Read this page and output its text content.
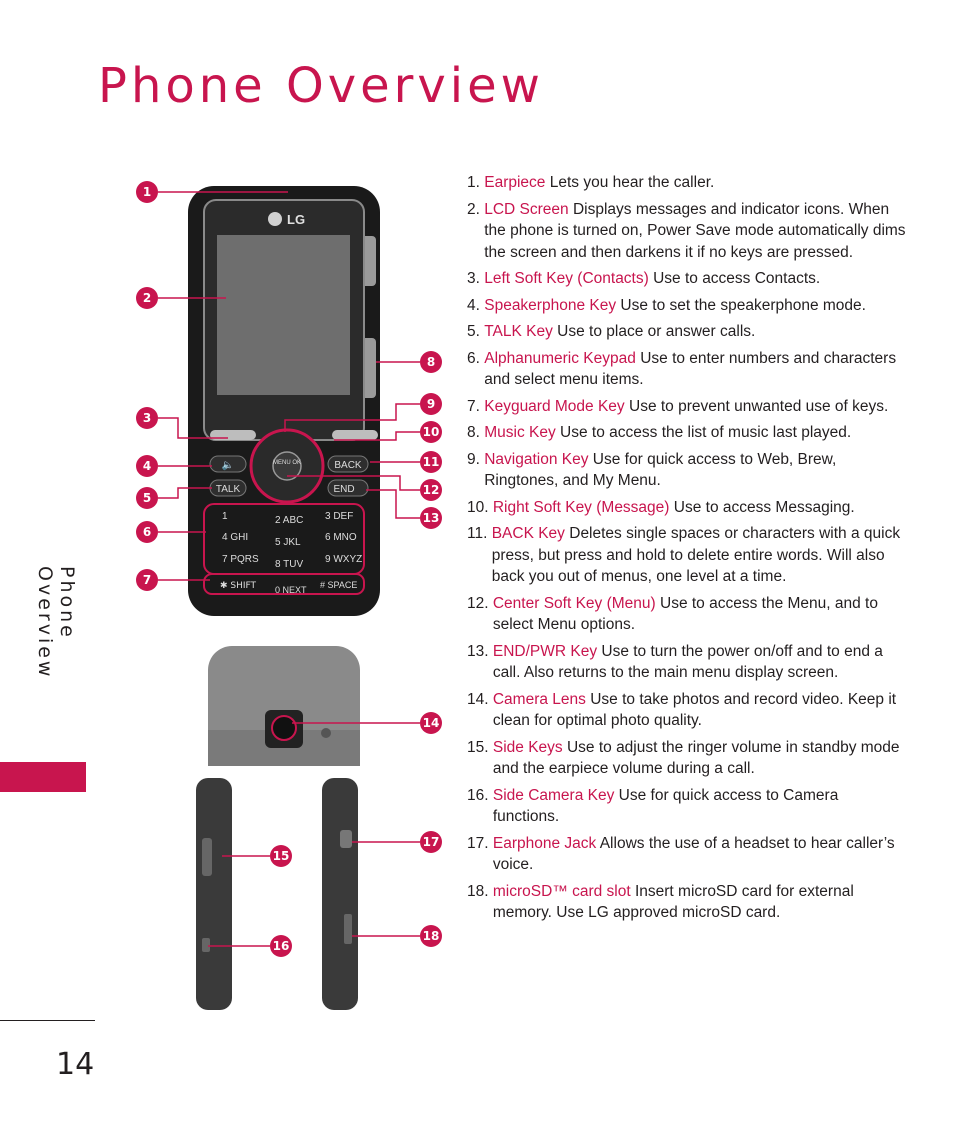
Phone Overview
Phone Overview
14
LG
MENU OK
🔈	BACK
TALK	END
1	2 ABC 3 DEF
4 GHI	5 JKL 6 MNO
7 PQRS 8 TUV 9 WXYZ
✱ SHIFT 0 NEXT # SPACE
1
2
3
4
5
6
7
8
9
10
11
12
13
14
15
16
17
18
1. Earpiece Lets you hear the caller.
2. LCD Screen Displays messages and indicator icons. When the phone is turned on, Power Save mode automatically dims the screen and then darkens it if no keys are pressed.
3. Left Soft Key (Contacts) Use to access Contacts.
4. Speakerphone Key Use to set the speakerphone mode.
5. TALK Key Use to place or answer calls.
6. Alphanumeric Keypad Use to enter numbers and characters and select menu items.
7. Keyguard Mode Key Use to prevent unwanted use of keys.
8. Music Key Use to access the list of music last played.
9. Navigation Key Use for quick access to Web, Brew, Ringtones, and My Menu.
10. Right Soft Key (Message) Use to access Messaging.
11. BACK Key Deletes single spaces or characters with a quick press, but press and hold to delete entire words. Will also back you out of menus, one level at a time.
12. Center Soft Key (Menu) Use to access the Menu, and to select Menu options.
13. END/PWR Key Use to turn the power on/off and to end a call. Also returns to the main menu display screen.
14. Camera Lens Use to take photos and record video. Keep it clean for optimal photo quality.
15. Side Keys Use to adjust the ringer volume in standby mode and the earpiece volume during a call.
16. Side Camera Key Use for quick access to Camera functions.
17. Earphone Jack Allows the use of a headset to hear caller’s voice.
18. microSD™ card slot Insert microSD card for external memory. Use LG approved microSD card.
